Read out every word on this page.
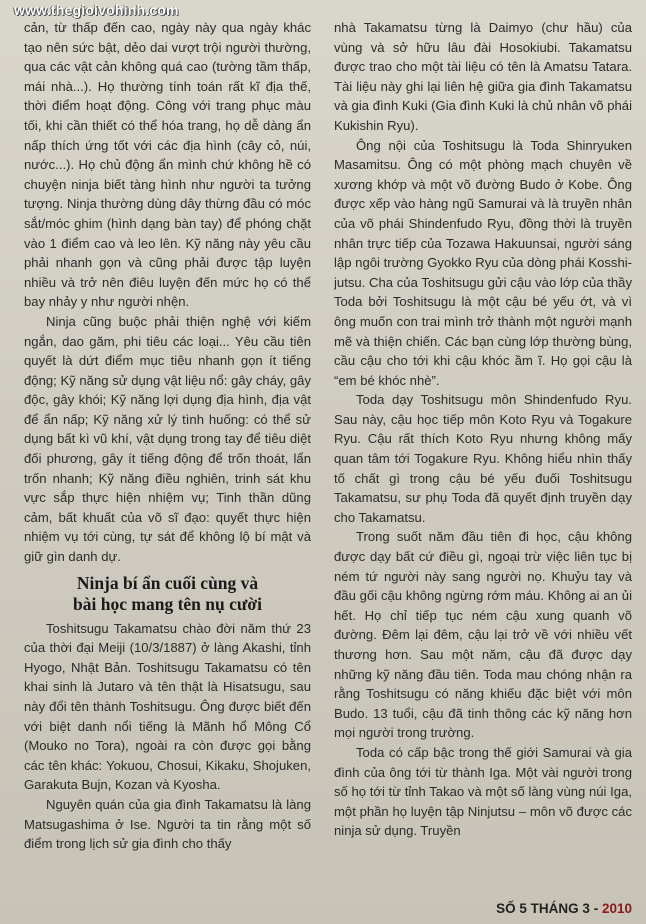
www.thegioivohinh.com

cản, từ thấp đến cao, ngày này qua ngày khác tạo nên sức bật, dẻo dai vượt trội người thường, qua các vật cản không quá cao (tường tầm thấp, mái nhà...). Họ thường tính toán rất kĩ địa thế, thời điểm hoạt động. Công với trang phục màu tối, khi cần thiết có thể hóa trang, họ dễ dàng ẩn nấp thích ứng tốt với các địa hình (cây cỏ, núi, nước...). Họ chủ động ẩn mình chứ không hề có chuyện ninja biết tàng hình như người ta tưởng tượng. Ninja thường dùng dây thừng đầu có móc sắt/móc ghim (hình dạng bàn tay) để phóng chặt vào 1 điểm cao và leo lên. Kỹ năng này yêu cầu phải nhanh gọn và cũng phải được tập luyện nhiều và trở nên điêu luyện đến mức họ có thể bay nhảy y như người nhện.

Ninja cũng buộc phải thiện nghệ với kiếm ngắn, dao găm, phi tiêu các loại... Yêu cầu tiên quyết là dứt điểm mục tiêu nhanh gọn ít tiếng động; Kỹ năng sử dụng vật liệu nổ: gây cháy, gây độc, gây khói; Kỹ năng lợi dụng địa hình, địa vật để ẩn nấp; Kỹ năng xử lý tình huống: có thể sử dụng bất kì vũ khí, vật dụng trong tay để tiêu diệt đối phương, gây ít tiếng động để trốn thoát, lẩn trốn nhanh; Kỹ năng điều nghiên, trinh sát khu vực sắp thực hiện nhiệm vụ; Tinh thần dũng cảm, bất khuất của võ sĩ đạo: quyết thực hiện nhiệm vụ tới cùng, tự sát để không lộ bí mật và giữ gìn danh dự.

Ninja bí ẩn cuối cùng và
bài học mang tên nụ cười

Toshitsugu Takamatsu chào đời năm thứ 23 của thời đại Meiji (10/3/1887) ở làng Akashi, tỉnh Hyogo, Nhật Bản. Toshitsugu Takamatsu có tên khai sinh là Jutaro và tên thật là Hisatsugu, sau này đổi tên thành Toshitsugu. Ông được biết đến với biệt danh nổi tiếng là Mãnh hổ Mông Cổ (Mouko no Tora), ngoài ra còn được gọi bằng các tên khác: Yokuou, Chosui, Kikaku, Shojuken, Garakuta Bujn, Kozan và Kyosha.

Nguyên quán của gia đình Takamatsu là làng Matsugashima ở Ise. Người ta tin rằng một số điểm trong lịch sử gia đình cho thấy

nhà Takamatsu từng là Daimyo (chư hầu) của vùng và sở hữu lâu đài Hosokiubi. Takamatsu được trao cho một tài liệu có tên là Amatsu Tatara. Tài liệu này ghi lại liên hệ giữa gia đình Takamatsu và gia đình Kuki (Gia đình Kuki là chủ nhân võ phái Kukishin Ryu).

Ông nội của Toshitsugu là Toda Shinryuken Masamitsu. Ông có một phòng mạch chuyên về xương khớp và một võ đường Budo ở Kobe. Ông được xếp vào hàng ngũ Samurai và là truyền nhân của võ phái Shindenfudo Ryu, đồng thời là truyền nhân trực tiếp của Tozawa Hakuunsai, người sáng lập ngôi trường Gyokko Ryu của dòng phái Kosshi-jutsu. Cha của Toshitsugu gửi cậu vào lớp của thầy Toda bởi Toshitsugu là một cậu bé yếu ớt, và vì ông muốn con trai mình trở thành một người mạnh mẽ và thiện chiến. Các bạn cùng lớp thường bùng, cầu cậu cho tới khi cậu khóc ầm ĩ. Họ gọi cậu là “em bé khóc nhè”.

Toda dạy Toshitsugu môn Shindenfudo Ryu. Sau này, cậu học tiếp môn Koto Ryu và Togakure Ryu. Cậu rất thích Koto Ryu nhưng không mấy quan tâm tới Togakure Ryu. Không hiểu nhìn thấy tố chất gì trong cậu bé yếu đuối Toshitsugu Takamatsu, sư phụ Toda đã quyết định truyền dạy cho Takamatsu.

Trong suốt năm đầu tiên đi học, cậu không được dạy bất cứ điều gì, ngoại trừ việc liên tục bị ném tứ người này sang người nọ. Khuỷu tay và đầu gối cậu không ngừng rớm máu. Không ai an ủi hết. Họ chỉ tiếp tục ném cậu xung quanh võ đường. Đêm lại đêm, cậu lại trở về với nhiều vết thương hơn. Sau một năm, cậu đã được dạy những kỹ năng đầu tiên. Toda mau chóng nhận ra rằng Toshitsugu có năng khiếu đặc biệt với môn Budo. 13 tuổi, cậu đã tinh thông các kỹ năng hơn mọi người trong trường.

Toda có cấp bậc trong thế giới Samurai và gia đình của ông tới từ thành Iga. Một vài người trong số họ tới từ tỉnh Takao và một số làng vùng núi Iga, một phần họ luyện tập Ninjutsu – môn võ được các ninja sử dụng. Truyền

SỐ 5 THÁNG 3 - 2010
